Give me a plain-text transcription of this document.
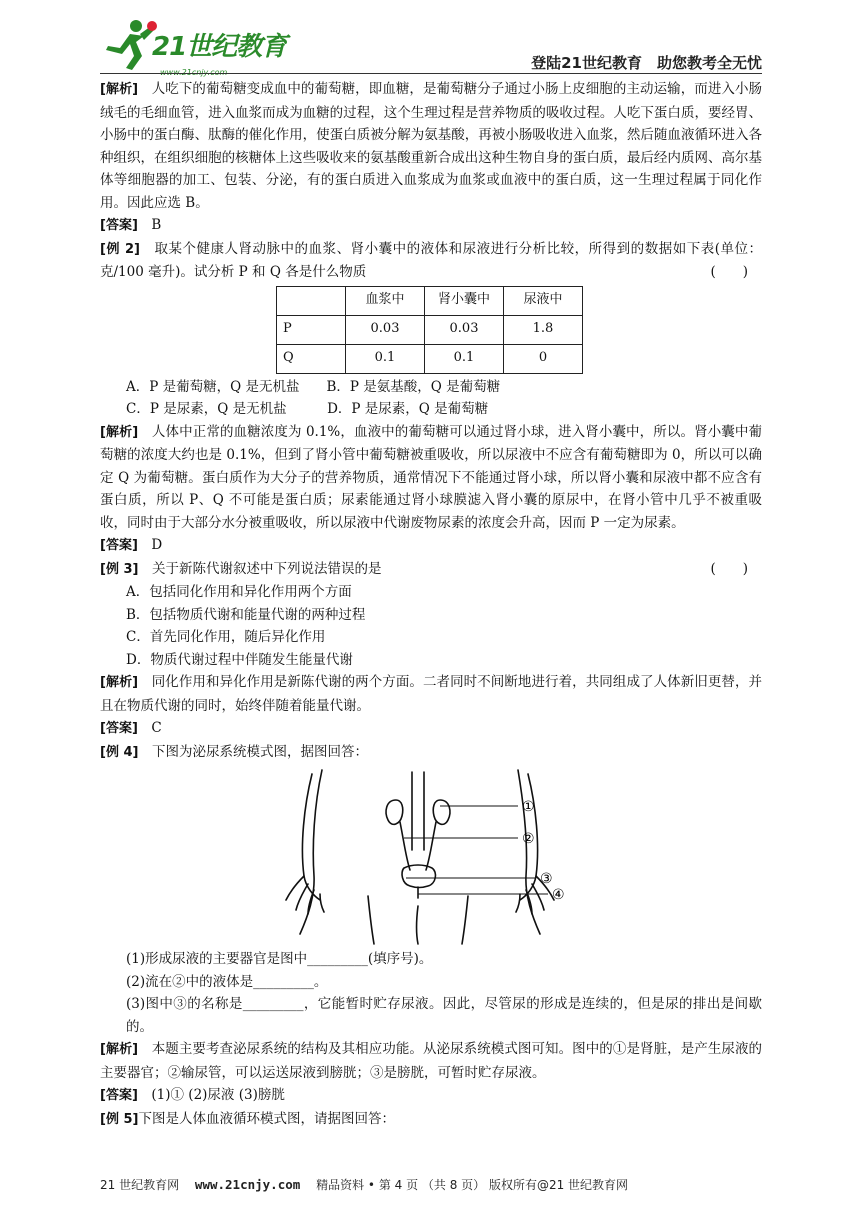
21世纪教育
www.21cnjy.com
登陆21世纪教育　助您教考全无忧

[解析]　 人吃下的葡萄糖变成血中的葡萄糖，即血糖，是葡萄糖分子通过小肠上皮细胞的主动运输，而进入小肠绒毛的毛细血管，进入血浆而成为血糖的过程，这个生理过程是营养物质的吸收过程。人吃下蛋白质，要经胃、小肠中的蛋白酶、肽酶的催化作用，使蛋白质被分解为氨基酸，再被小肠吸收进入血浆，然后随血液循环进入各种组织，在组织细胞的核糖体上这些吸收来的氨基酸重新合成出这种生物自身的蛋白质，最后经内质网、高尔基体等细胞器的加工、包装、分泌，有的蛋白质进入血浆成为血浆或血液中的蛋白质，这一生理过程属于同化作用。因此应选 B。

[答案]　 B

[例 2]　 取某个健康人肾动脉中的血浆、肾小囊中的液体和尿液进行分析比较，所得到的数据如下表(单位：克/100 毫升)。试分析 P 和 Q 各是什么物质	(　　)

	血浆中	肾小囊中	尿液中
P	0.03	0.03	1.8
Q	0.1	0.1	0

A．P 是葡萄糖，Q 是无机盐　　 B．P 是氨基酸，Q 是葡萄糖

C．P 是尿素，Q 是无机盐　　　	D．P 是尿素，Q 是葡萄糖

[解析]　 人体中正常的血糖浓度为 0.1%，血液中的葡萄糖可以通过肾小球，进入肾小囊中，所以。肾小囊中葡萄糖的浓度大约也是 0.1%，但到了肾小管中葡萄糖被重吸收，所以尿液中不应含有葡萄糖即为 0，所以可以确定 Q 为葡萄糖。蛋白质作为大分子的营养物质，通常情况下不能通过肾小球，所以肾小囊和尿液中都不应含有蛋白质，所以 P、Q 不可能是蛋白质；尿素能通过肾小球膜滤入肾小囊的原尿中，在肾小管中几乎不被重吸收，同时由于大部分水分被重吸收，所以尿液中代谢废物尿素的浓度会升高，因而 P 一定为尿素。

[答案]　 D

[例 3]　 关于新陈代谢叙述中下列说法错误的是	(　　)

A．包括同化作用和异化作用两个方面

B．包括物质代谢和能量代谢的两种过程

C．首先同化作用，随后异化作用

D．物质代谢过程中伴随发生能量代谢

[解析]　 同化作用和异化作用是新陈代谢的两个方面。二者同时不间断地进行着，共同组成了人体新旧更替，并且在物质代谢的同时，始终伴随着能量代谢。

[答案]　 C

[例 4]　 下图为泌尿系统模式图，据图回答：

①
②
③
④

(1)形成尿液的主要器官是图中_________(填序号)。

(2)流在②中的液体是_________。

(3)图中③的名称是_________，它能暂时贮存尿液。因此，尽管尿的形成是连续的，但是尿的排出是间歇的。

[解析]　 本题主要考查泌尿系统的结构及其相应功能。从泌尿系统模式图可知。图中的①是肾脏，是产生尿液的主要器官；②输尿管，可以运送尿液到膀胱；③是膀胱，可暂时贮存尿液。

[答案]　 (1)① (2)尿液 (3)膀胱

[例 5]下图是人体血液循环模式图，请据图回答：

21 世纪教育网 　 www.21cnjy.com 　 精品资料 • 第 4 页 （共 8 页） 版权所有@21 世纪教育网
